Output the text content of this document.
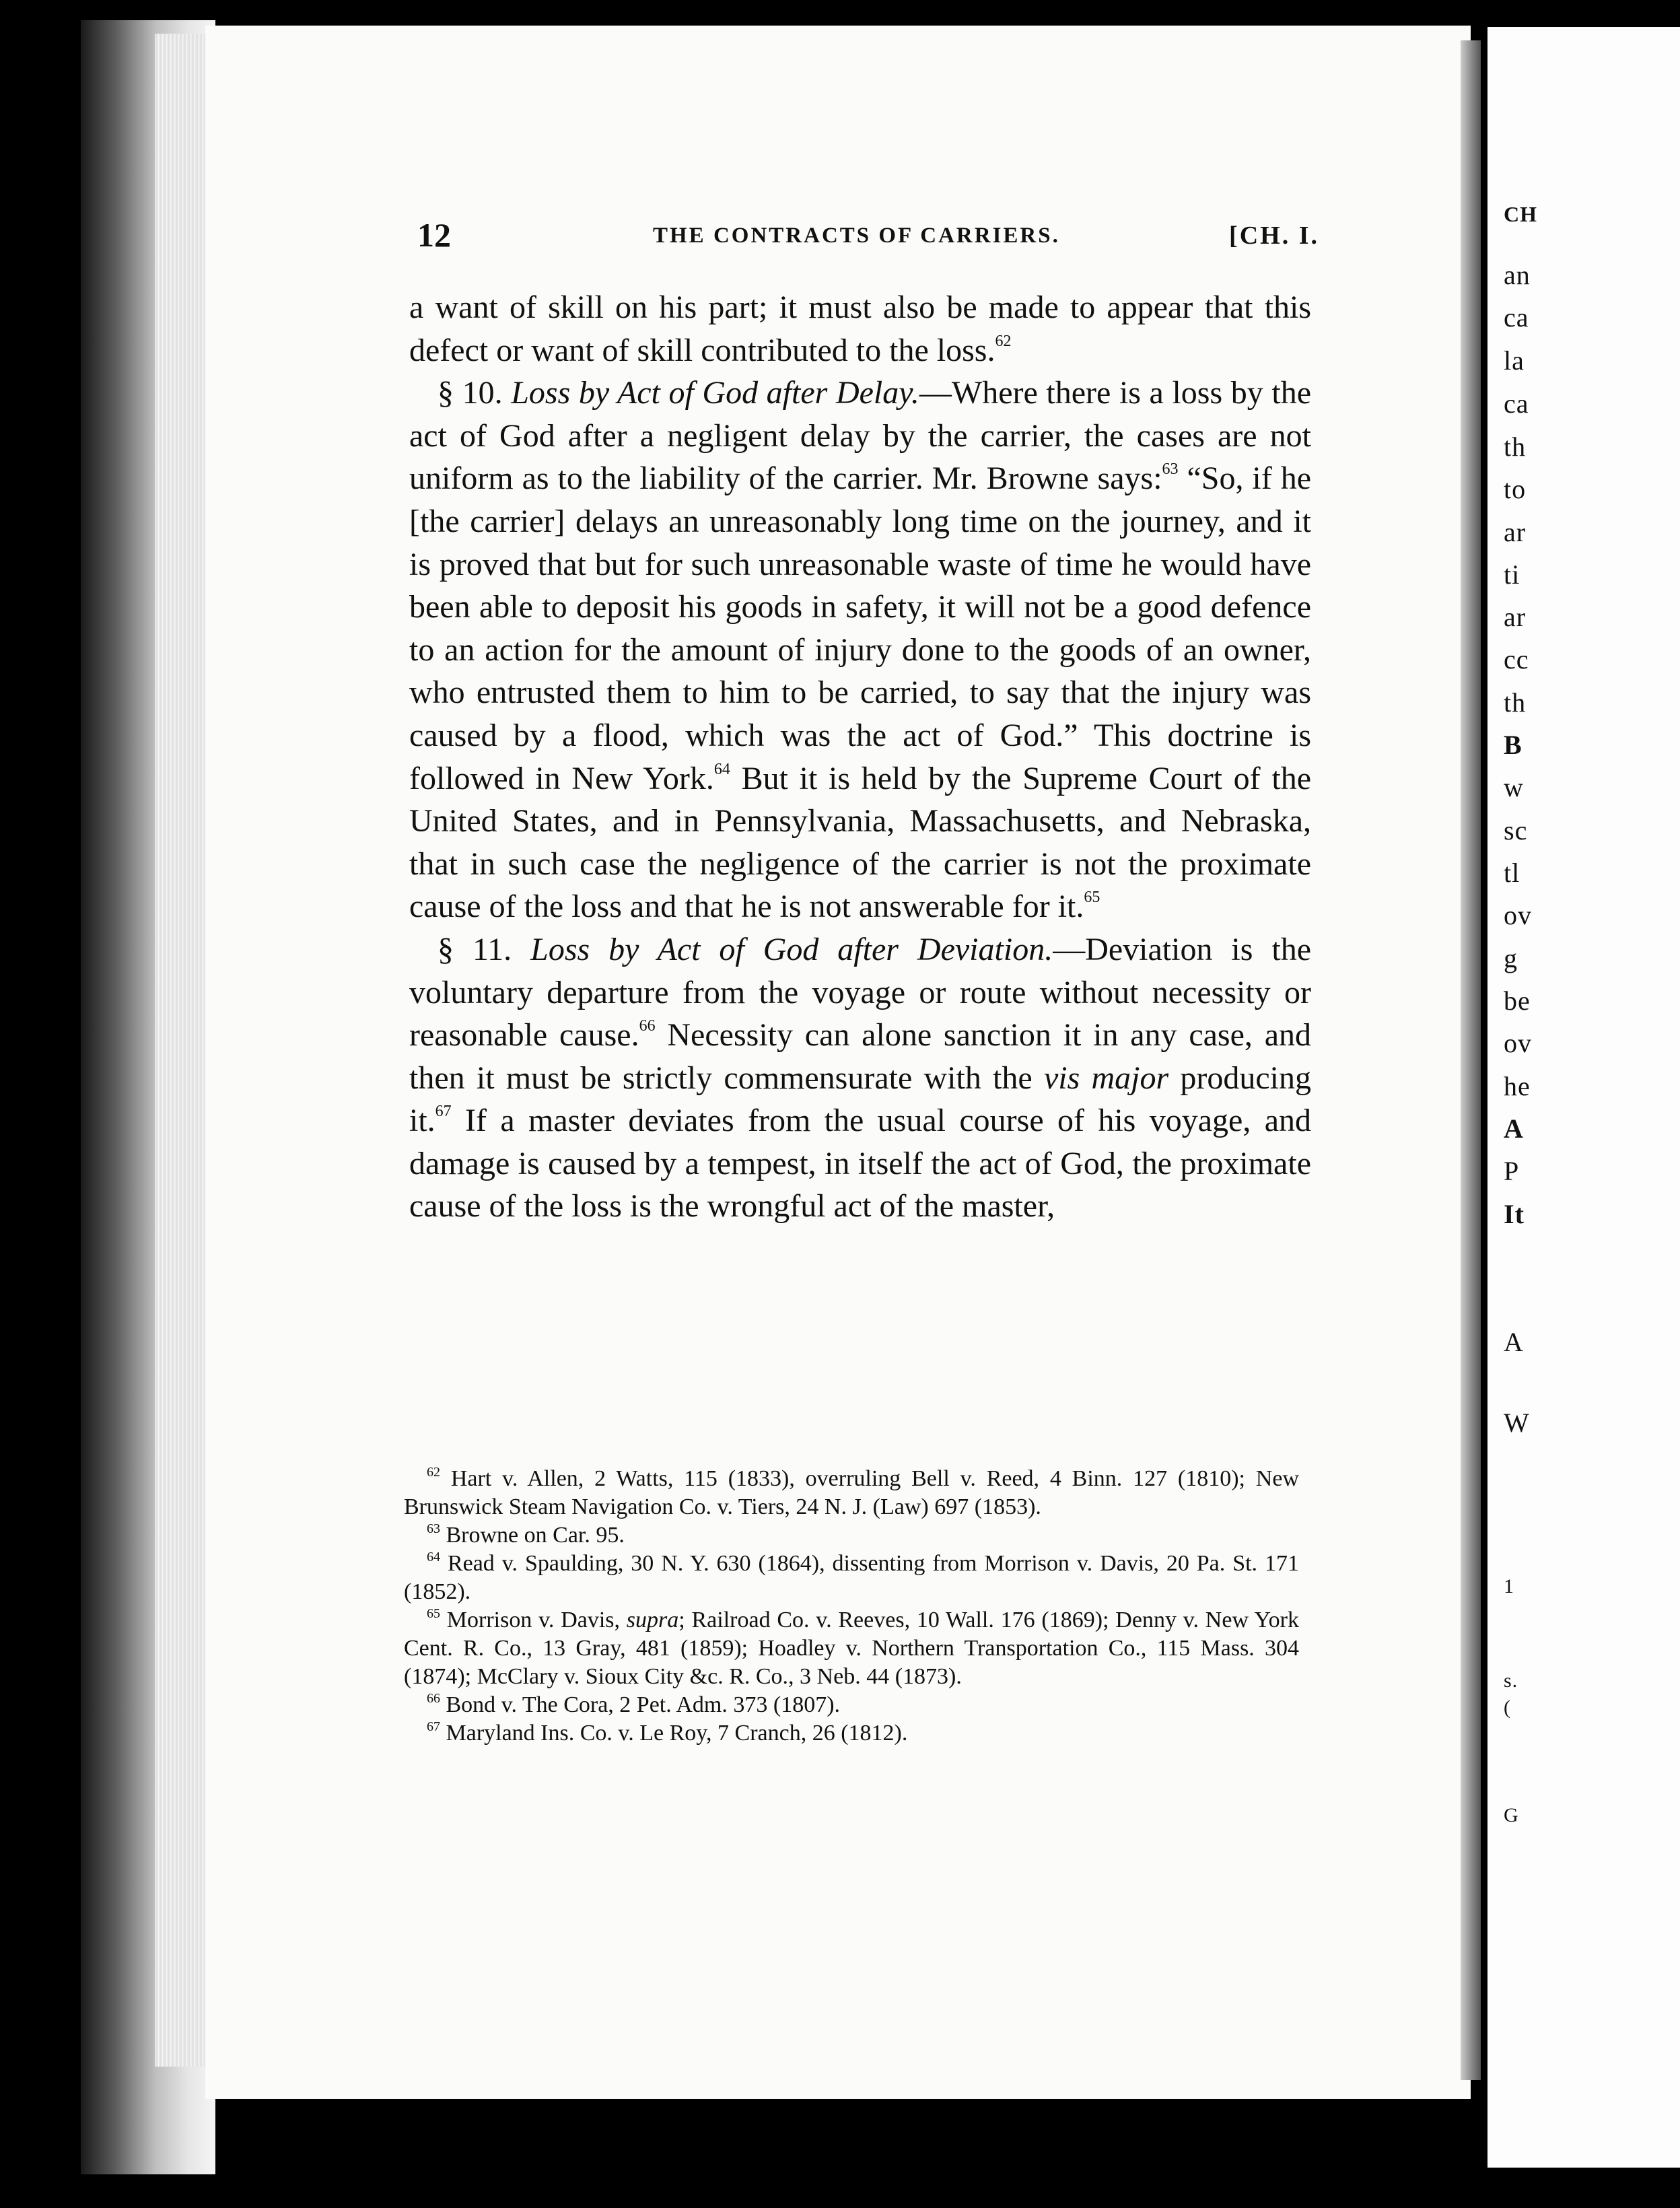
CH
an
ca
la
ca
th
to
ar
ti
ar
cc
th
B
w
sc
tl
ov
g
be
ov
he
A
P
It
A
W
1
s.
(
G
12	THE CONTRACTS OF CARRIERS.	[CH. I.

a want of skill on his part; it must also be made to appear that this defect or want of skill contributed to the loss.$^{62}$

§ 10. Loss by Act of God after Delay.—Where there is a loss by the act of God after a negligent delay by the carrier, the cases are not uniform as to the liability of the carrier. Mr. Browne says:$^{63}$ “So, if he [the carrier] delays an unreasonably long time on the journey, and it is proved that but for such unreasonable waste of time he would have been able to deposit his goods in safety, it will not be a good defence to an action for the amount of injury done to the goods of an owner, who entrusted them to him to be carried, to say that the injury was caused by a flood, which was the act of God.” This doctrine is followed in New York.$^{64}$ But it is held by the Supreme Court of the United States, and in Pennsylvania, Massachusetts, and Nebraska, that in such case the negligence of the carrier is not the proximate cause of the loss and that he is not answerable for it.$^{65}$

§ 11. Loss by Act of God after Deviation.—Deviation is the voluntary departure from the voyage or route without necessity or reasonable cause.$^{66}$ Necessity can alone sanction it in any case, and then it must be strictly commensurate with the vis major producing it.$^{67}$ If a master deviates from the usual course of his voyage, and damage is caused by a tempest, in itself the act of God, the proximate cause of the loss is the wrongful act of the master,

$^{62}$ Hart v. Allen, 2 Watts, 115 (1833), overruling Bell v. Reed, 4 Binn. 127 (1810); New Brunswick Steam Navigation Co. v. Tiers, 24 N. J. (Law) 697 (1853).

$^{63}$ Browne on Car. 95.

$^{64}$ Read v. Spaulding, 30 N. Y. 630 (1864), dissenting from Morrison v. Davis, 20 Pa. St. 171 (1852).

$^{65}$ Morrison v. Davis, supra; Railroad Co. v. Reeves, 10 Wall. 176 (1869); Denny v. New York Cent. R. Co., 13 Gray, 481 (1859); Hoadley v. Northern Transportation Co., 115 Mass. 304 (1874); McClary v. Sioux City &c. R. Co., 3 Neb. 44 (1873).

$^{66}$ Bond v. The Cora, 2 Pet. Adm. 373 (1807).

$^{67}$ Maryland Ins. Co. v. Le Roy, 7 Cranch, 26 (1812).
